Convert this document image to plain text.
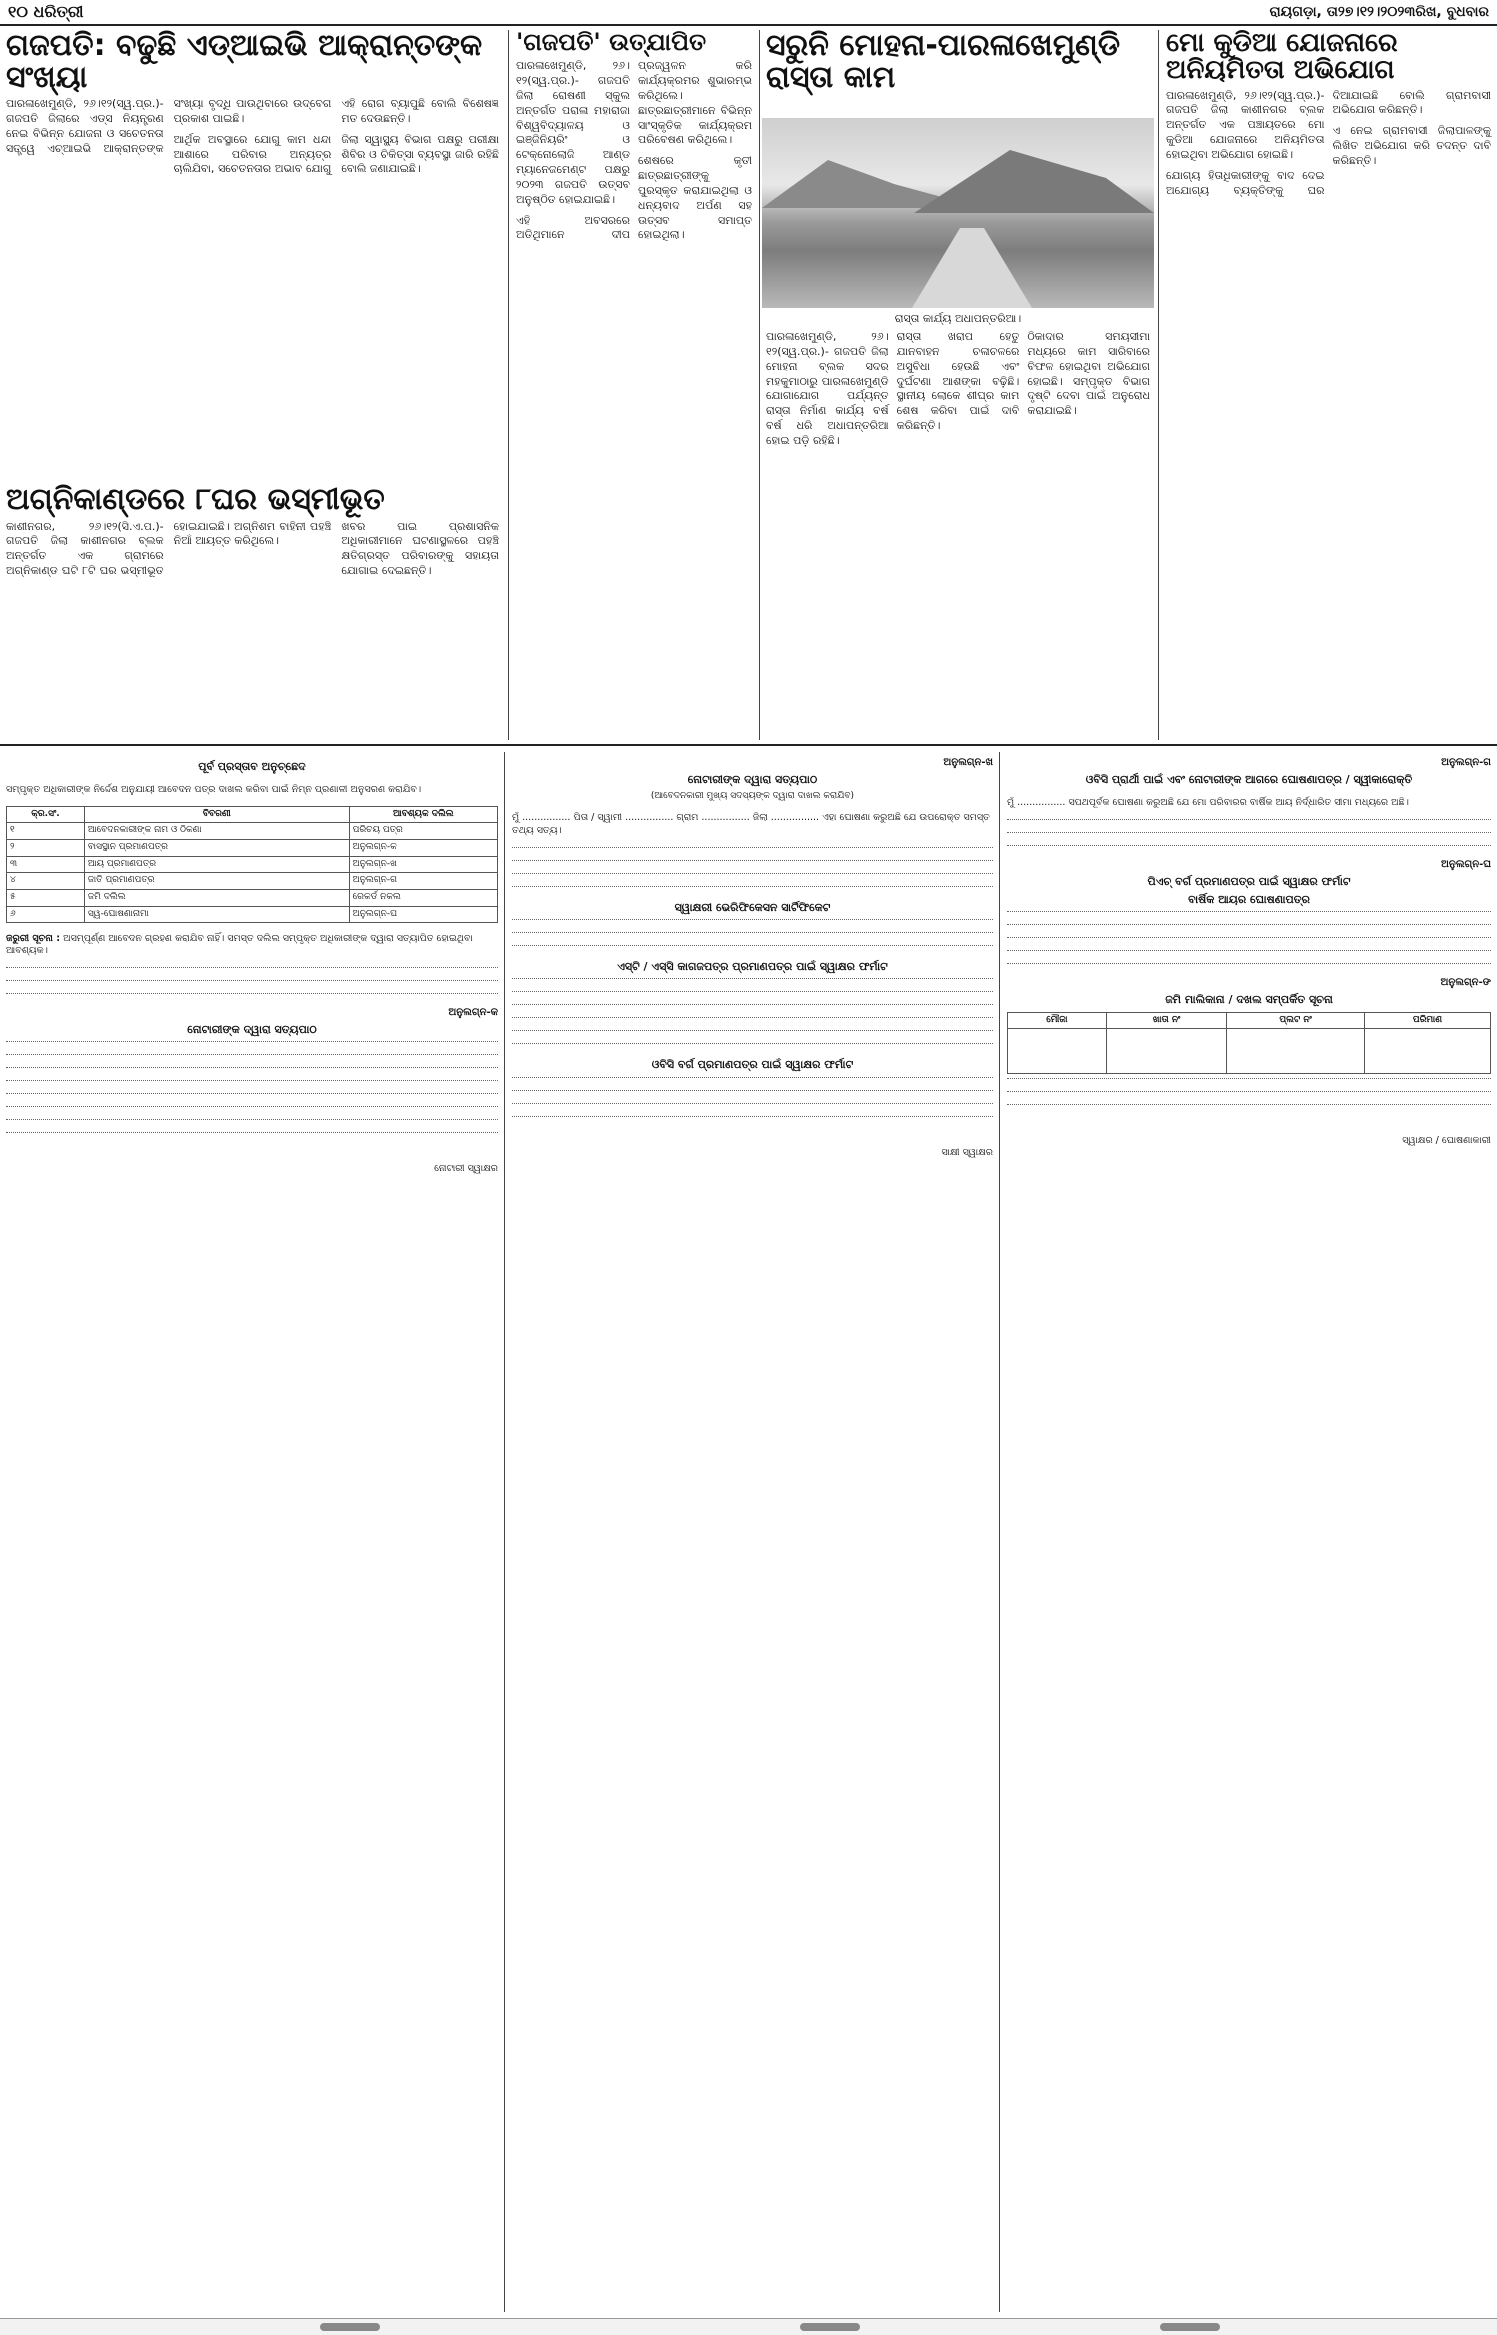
୧୦ ଧରିତ୍ରୀ	ରାୟଗଡ଼ା, ତା୨୭।୧୨।୨୦୨୩ରିଖ, ବୁଧବାର
ଗଜପତି: ବଢୁଛି ଏଡ୍‌ଆଇଭି ଆକ୍ରାନ୍ତଙ୍କ ସଂଖ୍ୟା

ପାରଳାଖେମୁଣ୍ଡି, ୨୬।୧୨(ସ୍ୱ.ପ୍ର.)- ଗଜପତି ଜିଲାରେ ଏଡ୍‌ସ ନିୟନ୍ତ୍ରଣ ନେଇ ବିଭିନ୍ନ ଯୋଜନା ଓ ସଚେତନତା ସତ୍ତ୍ୱେ ଏଚ୍‌ଆଇଭି ଆକ୍ରାନ୍ତଙ୍କ ସଂଖ୍ୟା ବୃଦ୍ଧି ପାଉଥିବାରେ ଉଦ୍‌ବେଗ ପ୍ରକାଶ ପାଇଛି।

ଆର୍ଥିକ ଅବସ୍ଥାରେ ଯୋଗୁ କାମ ଧନ୍ଦା ଆଶାରେ ପରିବାର ଅନ୍ୟତ୍ର ଚାଲିଯିବା, ସଚେତନତାର ଅଭାବ ଯୋଗୁ ଏହି ରୋଗ ବ୍ୟାପୁଛି ବୋଲି ବିଶେଷଜ୍ଞ ମତ ଦେଉଛନ୍ତି।

ଜିଲା ସ୍ୱାସ୍ଥ୍ୟ ବିଭାଗ ପକ୍ଷରୁ ପରୀକ୍ଷା ଶିବିର ଓ ଚିକିତ୍ସା ବ୍ୟବସ୍ଥା ଜାରି ରହିଛି ବୋଲି ଜଣାଯାଇଛି।

ଅଗ୍ନିକାଣ୍ଡରେ ୮ଘର ଭସ୍ମୀଭୂତ

କାଶୀନଗର, ୨୬।୧୨(ସି.ଏ.ପ.)- ଗଜପତି ଜିଲା କାଶୀନଗର ବ୍ଲକ ଅନ୍ତର୍ଗତ ଏକ ଗ୍ରାମରେ ଅଗ୍ନିକାଣ୍ଡ ଘଟି ୮ଟି ଘର ଭସ୍ମୀଭୂତ ହୋଇଯାଇଛି। ଅଗ୍ନିଶମ ବାହିନୀ ପହଞ୍ଚି ନିଆଁ ଆୟତ୍ତ କରିଥିଲେ।

ଖବର ପାଇ ପ୍ରଶାସନିକ ଅଧିକାରୀମାନେ ଘଟଣାସ୍ଥଳରେ ପହଞ୍ଚି କ୍ଷତିଗ୍ରସ୍ତ ପରିବାରଙ୍କୁ ସହାୟତା ଯୋଗାଇ ଦେଇଛନ୍ତି।

'ଗଜପତି' ଉତ୍‌ଯାପିତ

ପାରଳାଖେମୁଣ୍ଡି, ୨୬।୧୨(ସ୍ୱ.ପ୍ର.)- ଗଜପତି ଜିଲା ରୋଷଣୀ ସ୍କୁଲ ଅନ୍ତର୍ଗତ ପରାଳା ମହାରାଜା ବିଶ୍ୱବିଦ୍ୟାଳୟ ଓ ଇଞ୍ଜିନିୟରିଂ ଓ ଟେକ୍‌ନୋଲୋଜି ଆଣ୍ଡ ମ୍ୟାନେଜମେଣ୍ଟ ପକ୍ଷରୁ ୨୦୨୩ ଗଜପତି ଉତ୍‌ସବ ଅନୁଷ୍ଠିତ ହୋଇଯାଇଛି।

ଏହି ଅବସରରେ ଅତିଥିମାନେ ଦୀପ ପ୍ରଜ୍ୱଳନ କରି କାର୍ଯ୍ୟକ୍ରମର ଶୁଭାରମ୍ଭ କରିଥିଲେ। ଛାତ୍ରଛାତ୍ରୀମାନେ ବିଭିନ୍ନ ସାଂସ୍କୃତିକ କାର୍ଯ୍ୟକ୍ରମ ପରିବେଷଣ କରିଥିଲେ।

ଶେଷରେ କୃତୀ ଛାତ୍ରଛାତ୍ରୀଙ୍କୁ ପୁରସ୍କୃତ କରାଯାଇଥିଲା ଓ ଧନ୍ୟବାଦ ଅର୍ପଣ ସହ ଉତ୍ସବ ସମାପ୍ତ ହୋଇଥିଲା।

ସରୁନି ମୋହନା-ପାରଳାଖେମୁଣ୍ଡି ରାସ୍ତା କାମ
ରାସ୍ତା କାର୍ଯ୍ୟ ଅଧାପନ୍ତରିଆ।

ପାରଳାଖେମୁଣ୍ଡି, ୨୬।୧୨(ସ୍ୱ.ପ୍ର.)- ଗଜପତି ଜିଲା ମୋହନା ବ୍ଲକ ସଦର ମହକୁମାଠାରୁ ପାରଳାଖେମୁଣ୍ଡି ଯୋଗାଯୋଗ ପର୍ଯ୍ୟନ୍ତ ରାସ୍ତା ନିର୍ମାଣ କାର୍ଯ୍ୟ ବର୍ଷ ବର୍ଷ ଧରି ଅଧାପନ୍ତରିଆ ହୋଇ ପଡ଼ି ରହିଛି।

ରାସ୍ତା ଖରାପ ହେତୁ ଯାନବାହନ ଚଳାଚଳରେ ଅସୁବିଧା ହେଉଛି ଏବଂ ଦୁର୍ଘଟଣା ଆଶଙ୍କା ବଢ଼ିଛି। ସ୍ଥାନୀୟ ଲୋକେ ଶୀଘ୍ର କାମ ଶେଷ କରିବା ପାଇଁ ଦାବି କରିଛନ୍ତି।

ଠିକାଦାର ସମୟସୀମା ମଧ୍ୟରେ କାମ ସାରିବାରେ ବିଫଳ ହୋଇଥିବା ଅଭିଯୋଗ ହୋଇଛି। ସମ୍ପୃକ୍ତ ବିଭାଗ ଦୃଷ୍ଟି ଦେବା ପାଇଁ ଅନୁରୋଧ କରାଯାଇଛି।

ମୋ କୁଡିଆ ଯୋଜନାରେ ଅନିୟମିତତା ଅଭିଯୋଗ

ପାରଳାଖେମୁଣ୍ଡି, ୨୬।୧୨(ସ୍ୱ.ପ୍ର.)- ଗଜପତି ଜିଲା କାଶୀନଗର ବ୍ଲକ ଅନ୍ତର୍ଗତ ଏକ ପଞ୍ଚାୟତରେ ମୋ କୁଡିଆ ଯୋଜନାରେ ଅନିୟମିତତା ହୋଇଥିବା ଅଭିଯୋଗ ହୋଇଛି।

ଯୋଗ୍ୟ ହିତାଧିକାରୀଙ୍କୁ ବାଦ ଦେଇ ଅଯୋଗ୍ୟ ବ୍ୟକ୍ତିଙ୍କୁ ଘର ଦିଆଯାଇଛି ବୋଲି ଗ୍ରାମବାସୀ ଅଭିଯୋଗ କରିଛନ୍ତି।

ଏ ନେଇ ଗ୍ରାମବାସୀ ଜିଲାପାଳଙ୍କୁ ଲିଖିତ ଅଭିଯୋଗ କରି ତଦନ୍ତ ଦାବି କରିଛନ୍ତି।

ପୂର୍ବ ପ୍ରସ୍ତାବ ଅନୁଚ୍ଛେଦ

ସମ୍ପୃକ୍ତ ଅଧିକାରୀଙ୍କ ନିର୍ଦ୍ଦେଶ ଅନୁଯାୟୀ ଆବେଦନ ପତ୍ର ଦାଖଲ କରିବା ପାଇଁ ନିମ୍ନ ପ୍ରଣାଳୀ ଅନୁସରଣ କରାଯିବ।

କ୍ର.ସଂ.	ବିବରଣୀ	ଆବଶ୍ୟକ ଦଲିଲ
୧	ଆବେଦନକାରୀଙ୍କ ନାମ ଓ ଠିକଣା	ପରିଚୟ ପତ୍ର
୨	ବାସସ୍ଥାନ ପ୍ରମାଣପତ୍ର	ଅନୁଲଗ୍ନ-କ
୩	ଆୟ ପ୍ରମାଣପତ୍ର	ଅନୁଲଗ୍ନ-ଖ
୪	ଜାତି ପ୍ରମାଣପତ୍ର	ଅନୁଲଗ୍ନ-ଗ
୫	ଜମି ଦଲିଲ	ରେକର୍ଡ ନକଲ
୬	ସ୍ୱ-ଘୋଷଣାନାମା	ଅନୁଲଗ୍ନ-ଘ

ଜରୁରୀ ସୂଚନା : ଅସମ୍ପୂର୍ଣ୍ଣ ଆବେଦନ ଗ୍ରହଣ କରାଯିବ ନାହିଁ। ସମସ୍ତ ଦଲିଲ ସମ୍ପୃକ୍ତ ଅଧିକାରୀଙ୍କ ଦ୍ୱାରା ସତ୍ୟାପିତ ହୋଇଥିବା ଆବଶ୍ୟକ।

ଅନୁଲଗ୍ନ-କ
ନୋଟାରୀଙ୍କ ଦ୍ୱାରା ସତ୍ୟପାଠ
ନୋଟାରୀ ସ୍ୱାକ୍ଷର
ଅନୁଲଗ୍ନ-ଖ
ନୋଟାରୀଙ୍କ ଦ୍ୱାରା ସତ୍ୟପାଠ
(ଆବେଦନକାରୀ ମୁଖ୍ୟ ସଦସ୍ୟଙ୍କ ଦ୍ୱାରା ଦାଖଲ କରାଯିବ)

ମୁଁ ................ ପିତା / ସ୍ୱାମୀ ................ ଗ୍ରାମ ................ ଜିଲା ................ ଏହା ଘୋଷଣା କରୁଅଛି ଯେ ଉପରୋକ୍ତ ସମସ୍ତ ତଥ୍ୟ ସତ୍ୟ।

ସ୍ୱାକ୍ଷରୀ ଭେରିଫିକେସନ ସାର୍ଟିଫିକେଟ
ଏସ୍‌ଟି / ଏସ୍‌ସି କାଗଜପତ୍ର ପ୍ରମାଣପତ୍ର ପାଇଁ ସ୍ୱାକ୍ଷର ଫର୍ମାଟ
ଓବିସି ବର୍ଗ ପ୍ରମାଣପତ୍ର ପାଇଁ ସ୍ୱାକ୍ଷର ଫର୍ମାଟ
ସାକ୍ଷୀ ସ୍ୱାକ୍ଷର
ଅନୁଲଗ୍ନ-ଗ
ଓବିସି ପ୍ରାର୍ଥୀ ପାଇଁ ଏବଂ ନୋଟାରୀଙ୍କ ଆଗରେ ଘୋଷଣାପତ୍ର / ସ୍ୱୀକାରୋକ୍ତି

ମୁଁ ................ ସପଥପୂର୍ବକ ଘୋଷଣା କରୁଅଛି ଯେ ମୋ ପରିବାରର ବାର୍ଷିକ ଆୟ ନିର୍ଦ୍ଧାରିତ ସୀମା ମଧ୍ୟରେ ଅଛି।

ଅନୁଲଗ୍ନ-ଘ
ପିଏଚ୍ ବର୍ଗ ପ୍ରମାଣପତ୍ର ପାଇଁ ସ୍ୱାକ୍ଷର ଫର୍ମାଟ
ବାର୍ଷିକ ଆୟର ଘୋଷଣାପତ୍ର
ଅନୁଲଗ୍ନ-ଙ
ଜମି ମାଲିକାନା / ଦଖଲ ସମ୍ପର୍କିତ ସୂଚନା
ମୌଜା	ଖାତା ନଂ	ପ୍ଲଟ ନଂ	ପରିମାଣ

ସ୍ୱାକ୍ଷର / ଘୋଷଣାକାରୀ
